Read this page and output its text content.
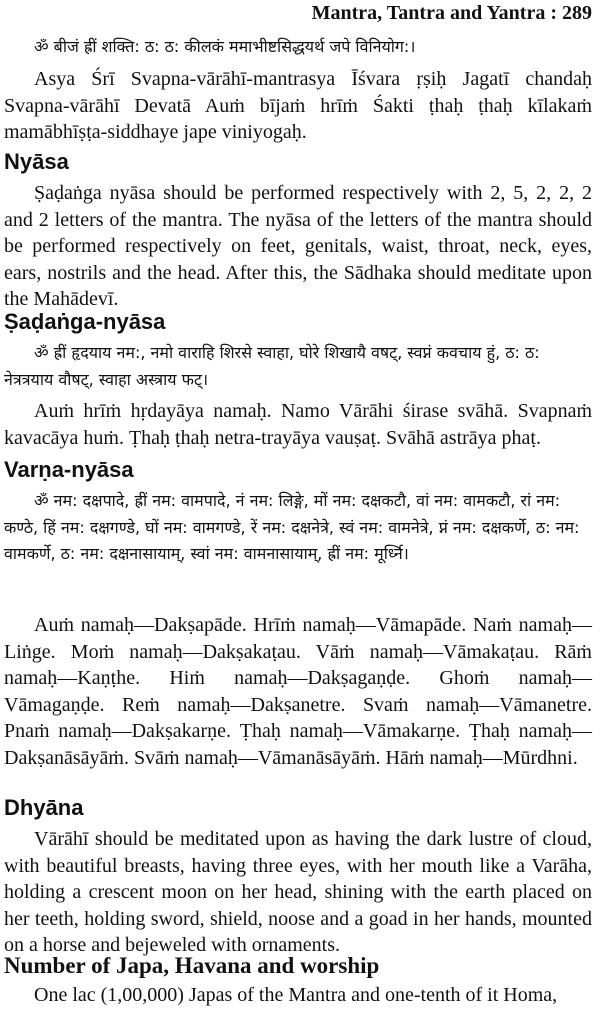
Mantra, Tantra and Yantra : 289

ॐ बीजं ह्रीं शक्ति: ठ: ठ: कीलकं ममाभीष्टसिद्धयर्थ जपे विनियोग:।

Asya Śrī Svapna-vārāhī-mantrasya Īśvara ṛṣiḥ Jagatī chandaḥ Svapna-vārāhī Devatā Auṁ bījaṁ hrīṁ Śakti ṭhaḥ ṭhaḥ kīlakaṁ mamābhīṣṭa-siddhaye jape viniyogaḥ.

Nyāsa

Ṣaḍaṅga nyāsa should be performed respectively with 2, 5, 2, 2, 2 and 2 letters of the mantra. The nyāsa of the letters of the mantra should be performed respectively on feet, genitals, waist, throat, neck, eyes, ears, nostrils and the head. After this, the Sādhaka should meditate upon the Mahādevī.

Ṣaḍaṅga-nyāsa

ॐ ह्रीं हृदयाय नम:, नमो वाराहि शिरसे स्वाहा, घोरे शिखायै वषट्, स्वप्नं कवचाय हुं, ठ: ठ: नेत्रत्रयाय वौषट्, स्वाहा अस्त्राय फट्।

Auṁ hrīṁ hṛdayāya namaḥ. Namo Vārāhi śirase svāhā. Svapnaṁ kavacāya huṁ. Ṭhaḥ ṭhaḥ netra-trayāya vauṣaṭ. Svāhā astrāya phaṭ.

Varṇa-nyāsa

ॐ नम: दक्षपादे, ह्रीं नम: वामपादे, नं नम: लिङ्गे, मों नम: दक्षकटौ, वां नम: वामकटौ, रां नम: कण्ठे, हिं नम: दक्षगण्डे, घों नम: वामगण्डे, रें नम: दक्षनेत्रे, स्वं नम: वामनेत्रे, प्नं नम: दक्षकर्णे, ठ: नम: वामकर्णे, ठ: नम: दक्षनासायाम्, स्वां नम: वामनासायाम्, ह्रीं नम: मूर्ध्नि।

Auṁ namaḥ—Dakṣapāde. Hrīṁ namaḥ—Vāmapāde. Naṁ namaḥ—Liṅge. Moṁ namaḥ—Dakṣakaṭau. Vāṁ namaḥ—Vāmakaṭau. Rāṁ namaḥ—Kaṇṭhe. Hiṁ namaḥ—Dakṣagaṇḍe. Ghoṁ namaḥ—Vāmagaṇḍe. Reṁ namaḥ—Dakṣanetre. Svaṁ namaḥ—Vāmanetre. Pnaṁ namaḥ—Dakṣakarṇe. Ṭhaḥ namaḥ—Vāmakarṇe. Ṭhaḥ namaḥ—Dakṣanāsāyāṁ. Svāṁ namaḥ—Vāmanāsāyāṁ. Hāṁ namaḥ—Mūrdhni.

Dhyāna

Vārāhī should be meditated upon as having the dark lustre of cloud, with beautiful breasts, having three eyes, with her mouth like a Varāha, holding a crescent moon on her head, shining with the earth placed on her teeth, holding sword, shield, noose and a goad in her hands, mounted on a horse and bejeweled with ornaments.

Number of Japa, Havana and worship

One lac (1,00,000) Japas of the Mantra and one-tenth of it Homa,
